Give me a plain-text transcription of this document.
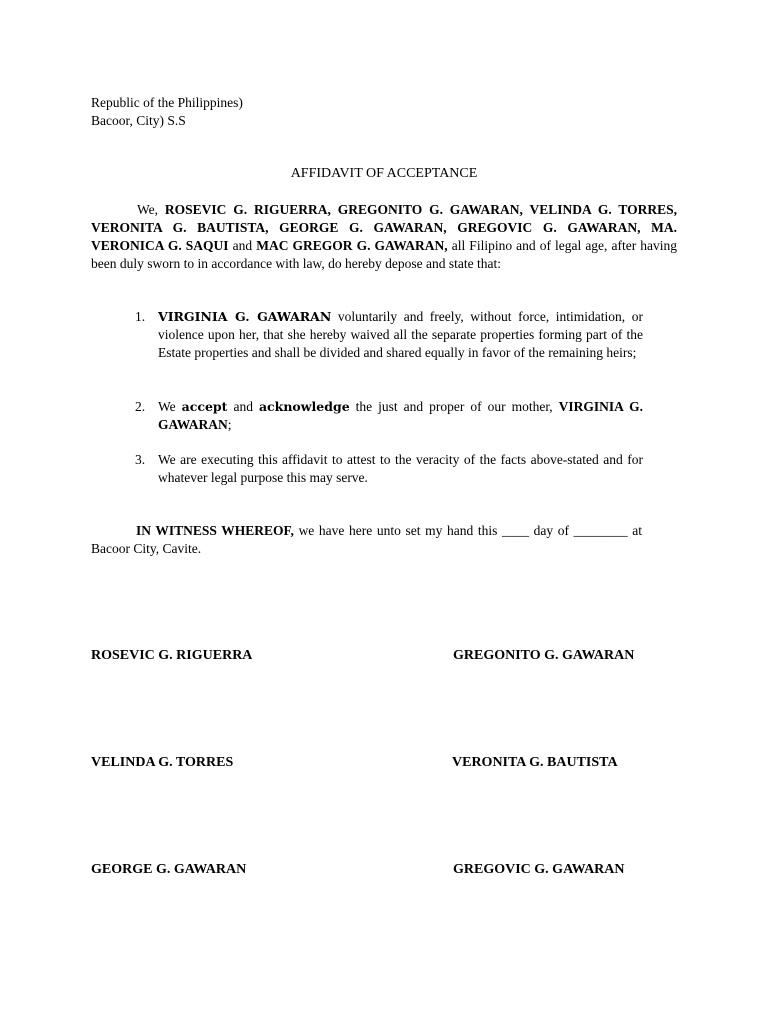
Republic of the Philippines)
Bacoor, City) S.S
AFFIDAVIT OF ACCEPTANCE
We, ROSEVIC G. RIGUERRA, GREGONITO G. GAWARAN, VELINDA G. TORRES, VERONITA G. BAUTISTA, GEORGE G. GAWARAN, GREGOVIC G. GAWARAN, MA. VERONICA G. SAQUI and MAC GREGOR G. GAWARAN, all Filipino and of legal age, after having been duly sworn to in accordance with law, do hereby depose and state that:
1. VIRGINIA G. GAWARAN voluntarily and freely, without force, intimidation, or violence upon her, that she hereby waived all the separate properties forming part of the Estate properties and shall be divided and shared equally in favor of the remaining heirs;
2. We accept and acknowledge the just and proper of our mother, VIRGINIA G. GAWARAN;
3. We are executing this affidavit to attest to the veracity of the facts above-stated and for whatever legal purpose this may serve.
IN WITNESS WHEREOF, we have here unto set my hand this ____ day of ________ at Bacoor City, Cavite.
ROSEVIC G. RIGUERRA	GREGONITO G. GAWARAN
VELINDA G. TORRES	VERONITA G. BAUTISTA
GEORGE G. GAWARAN	GREGOVIC G. GAWARAN
